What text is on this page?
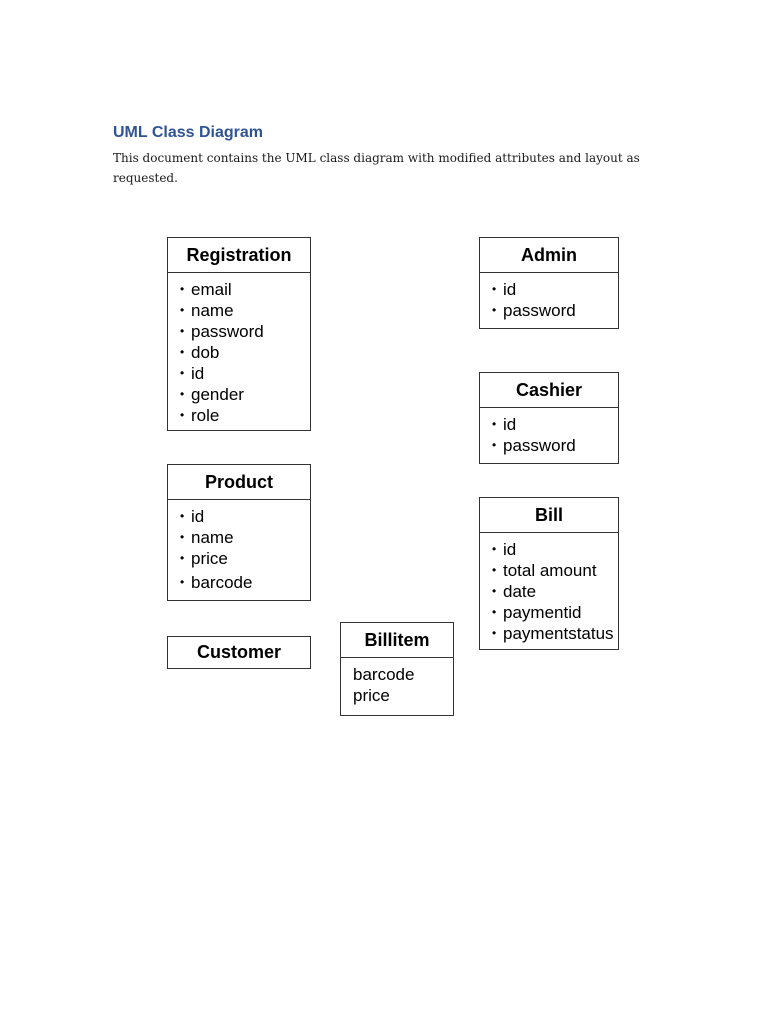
UML Class Diagram

This document contains the UML class diagram with modified attributes and layout as requested.

Registration
• email
• name
• password
• dob
• id
• gender
• role
Admin
• id
• password
Cashier
• id
• password
Product
• id
• name
• price
• barcode
Bill
• id
• total amount
• date
• paymentid
• paymentstatus
Customer
Billitem
barcode
price
